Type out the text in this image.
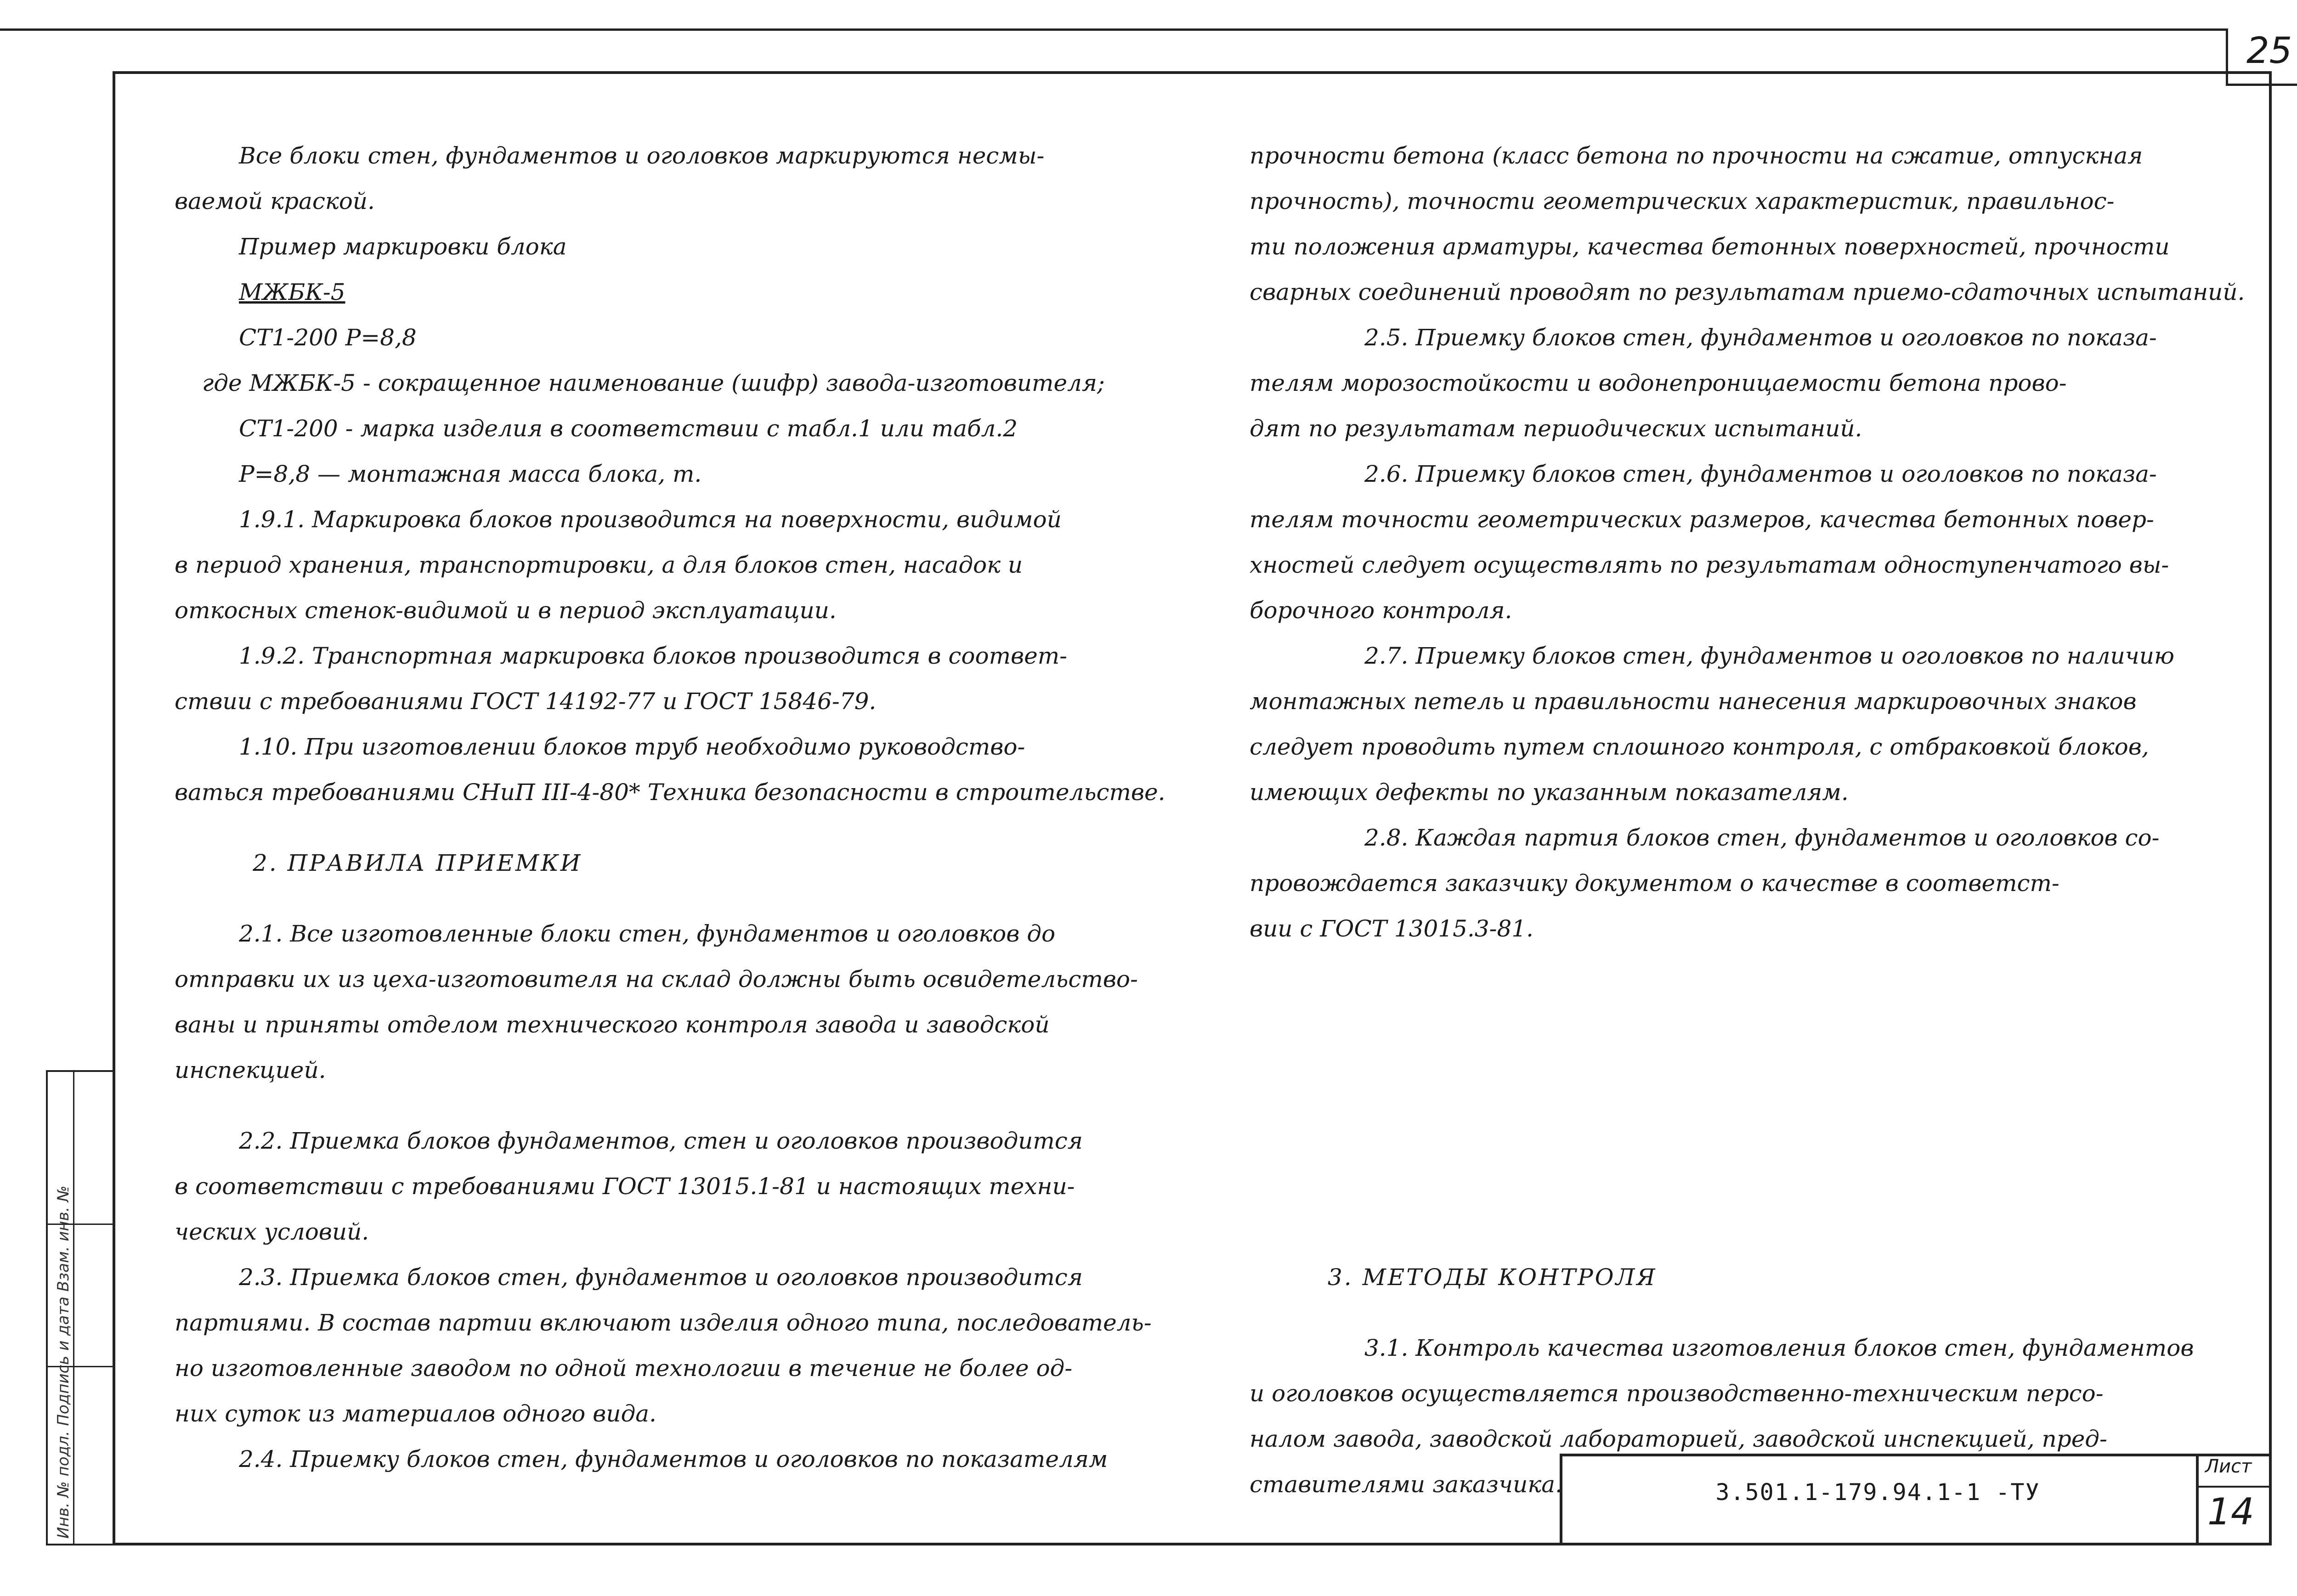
25
Инв. № подл. Подпись и дата Взам. инв. №

Все блоки стен, фундаментов и оголовков маркируются несмы-

ваемой краской.

Пример маркировки блока

МЖБК-5

СТ1-200 Р=8,8

где МЖБК-5 - сокращенное наименование (шифр) завода-изготовителя;

СТ1-200 - марка изделия в соответствии с табл.1 или табл.2

Р=8,8 — монтажная масса блока, т.

1.9.1. Маркировка блоков производится на поверхности, видимой

в период хранения, транспортировки, а для блоков стен, насадок и

откосных стенок-видимой и в период эксплуатации.

1.9.2. Транспортная маркировка блоков производится в соответ-

ствии с требованиями ГОСТ 14192-77 и ГОСТ 15846-79.

1.10. При изготовлении блоков труб необходимо руководство-

ваться требованиями СНиП III-4-80* Техника безопасности в строительстве.

2. ПРАВИЛА ПРИЕМКИ

2.1. Все изготовленные блоки стен, фундаментов и оголовков до

отправки их из цеха-изготовителя на склад должны быть освидетельство-

ваны и приняты отделом технического контроля завода и заводской

инспекцией.

2.2. Приемка блоков фундаментов, стен и оголовков производится

в соответствии с требованиями ГОСТ 13015.1-81 и настоящих техни-

ческих условий.

2.3. Приемка блоков стен, фундаментов и оголовков производится

партиями. В состав партии включают изделия одного типа, последователь-

но изготовленные заводом по одной технологии в течение не более од-

них суток из материалов одного вида.

2.4. Приемку блоков стен, фундаментов и оголовков по показателям

прочности бетона (класс бетона по прочности на сжатие, отпускная

прочность), точности геометрических характеристик, правильнос-

ти положения арматуры, качества бетонных поверхностей, прочности

сварных соединений проводят по результатам приемо-сдаточных испытаний.

2.5. Приемку блоков стен, фундаментов и оголовков по показа-

телям морозостойкости и водонепроницаемости бетона прово-

дят по результатам периодических испытаний.

2.6. Приемку блоков стен, фундаментов и оголовков по показа-

телям точности геометрических размеров, качества бетонных повер-

хностей следует осуществлять по результатам одноступенчатого вы-

борочного контроля.

2.7. Приемку блоков стен, фундаментов и оголовков по наличию

монтажных петель и правильности нанесения маркировочных знаков

следует проводить путем сплошного контроля, с отбраковкой блоков,

имеющих дефекты по указанным показателям.

2.8. Каждая партия блоков стен, фундаментов и оголовков со-

провождается заказчику документом о качестве в соответст-

вии с ГОСТ 13015.3-81.

3. МЕТОДЫ КОНТРОЛЯ

3.1. Контроль качества изготовления блоков стен, фундаментов

и оголовков осуществляется производственно-техническим персо-

налом завода, заводской лабораторией, заводской инспекцией, пред-

ставителями заказчика.	3.501.1-179.94.1-1 -ТУ
Лист
14
